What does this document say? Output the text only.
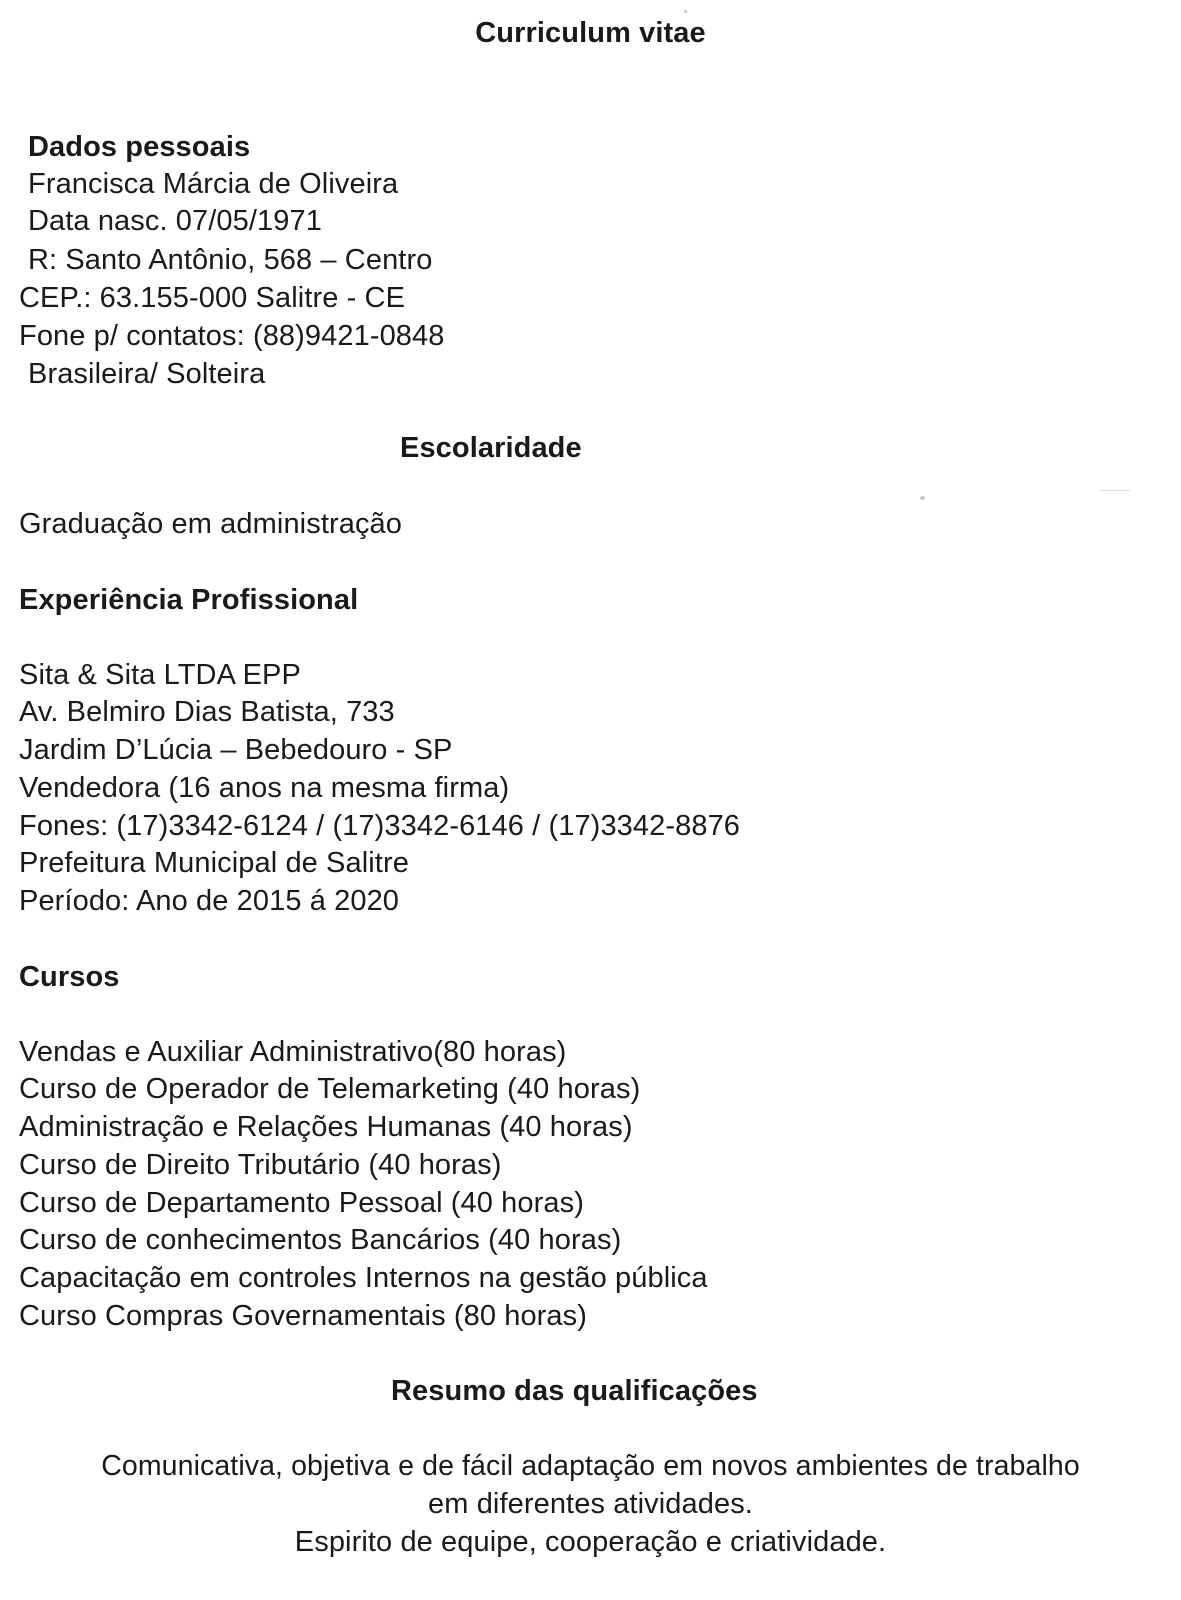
Curriculum vitae
Dados pessoais
Francisca Márcia de Oliveira
Data nasc. 07/05/1971
R: Santo Antônio, 568 – Centro
CEP.: 63.155-000 Salitre - CE
Fone p/ contatos: (88)9421-0848
Brasileira/ Solteira
Escolaridade
Graduação em administração
Experiência Profissional
Sita & Sita LTDA EPP
Av. Belmiro Dias Batista, 733
Jardim D’Lúcia – Bebedouro - SP
Vendedora (16 anos na mesma firma)
Fones: (17)3342-6124 / (17)3342-6146 / (17)3342-8876
Prefeitura Municipal de Salitre
Período: Ano de 2015 á 2020
Cursos
Vendas e Auxiliar Administrativo(80 horas)
Curso de Operador de Telemarketing (40 horas)
Administração e Relações Humanas (40 horas)
Curso de Direito Tributário (40 horas)
Curso de Departamento Pessoal (40 horas)
Curso de conhecimentos Bancários (40 horas)
Capacitação em controles Internos na gestão pública
Curso Compras Governamentais (80 horas)
Resumo das qualificações
Comunicativa, objetiva e de fácil adaptação em novos ambientes de trabalho
em diferentes atividades.
Espirito de equipe, cooperação e criatividade.
